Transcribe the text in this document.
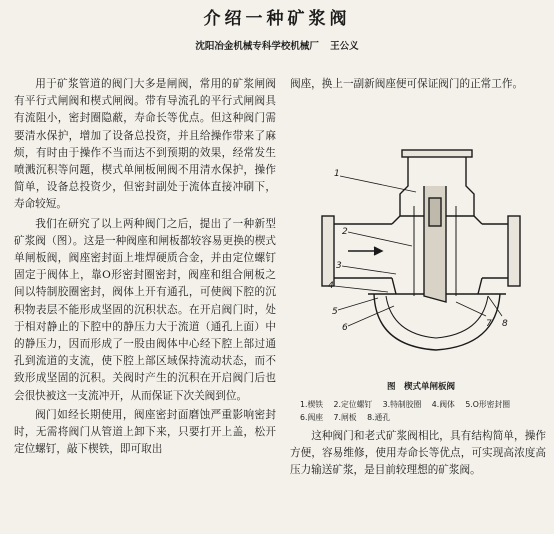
介绍一种矿浆阀
沈阳冶金机械专科学校机械厂 王公义

用于矿浆管道的阀门大多是闸阀，常用的矿浆闸阀有平行式闸阀和楔式闸阀。带有导流孔的平行式闸阀具有流阻小，密封圈隐蔽，寿命长等优点。但这种阀门需要清水保护，增加了设备总投资，并且给操作带来了麻烦，有时由于操作不当而达不到预期的效果，经常发生喷溅沉积等问题，楔式单闸板闸阀不用清水保护，操作简单，设备总投资少，但密封副处于流体直接冲刷下，寿命较短。

我们在研究了以上两种阀门之后，提出了一种新型矿浆阀（图）。这是一种阀座和闸板都较容易更换的楔式单闸板阀，阀座密封面上堆焊硬质合金，并由定位螺钉固定于阀体上，靠O形密封圈密封，阀座和组合闸板之间以特制胶圈密封，阀体上开有通孔，可使阀下腔的沉积物表层不能形成坚固的沉积状态。在开启阀门时，处于相对静止的下腔中的静压力大于流道（通孔上面）中的静压力，因而形成了一股由阀体中心经下腔上部过通孔到流道的支流，使下腔上部区域保持流动状态，而不致形成坚固的沉积。关阀时产生的沉积在开启阀门后也会很快被这一支流冲开，从而保证下次关阀到位。

阀门如经长期使用，阀座密封面磨蚀严重影响密封时，无需将阀门从管道上卸下来，只要打开上盖，松开定位螺钉，敲下楔铁，即可取出

阀座，换上一副新阀座便可保证阀门的正常工作。
1
2
3
4
5
6	7 8
图　楔式单闸板阀
1.楔铁 2.定位螺钉 3.特制胶圈 4.阀体 5.O形密封圈 6.阀座 7.闸板 8.通孔

这种阀门和老式矿浆阀相比，具有结构简单，操作方便，容易维修，使用寿命长等优点，可实现高浓度高压力输送矿浆，是目前较理想的矿浆阀。
